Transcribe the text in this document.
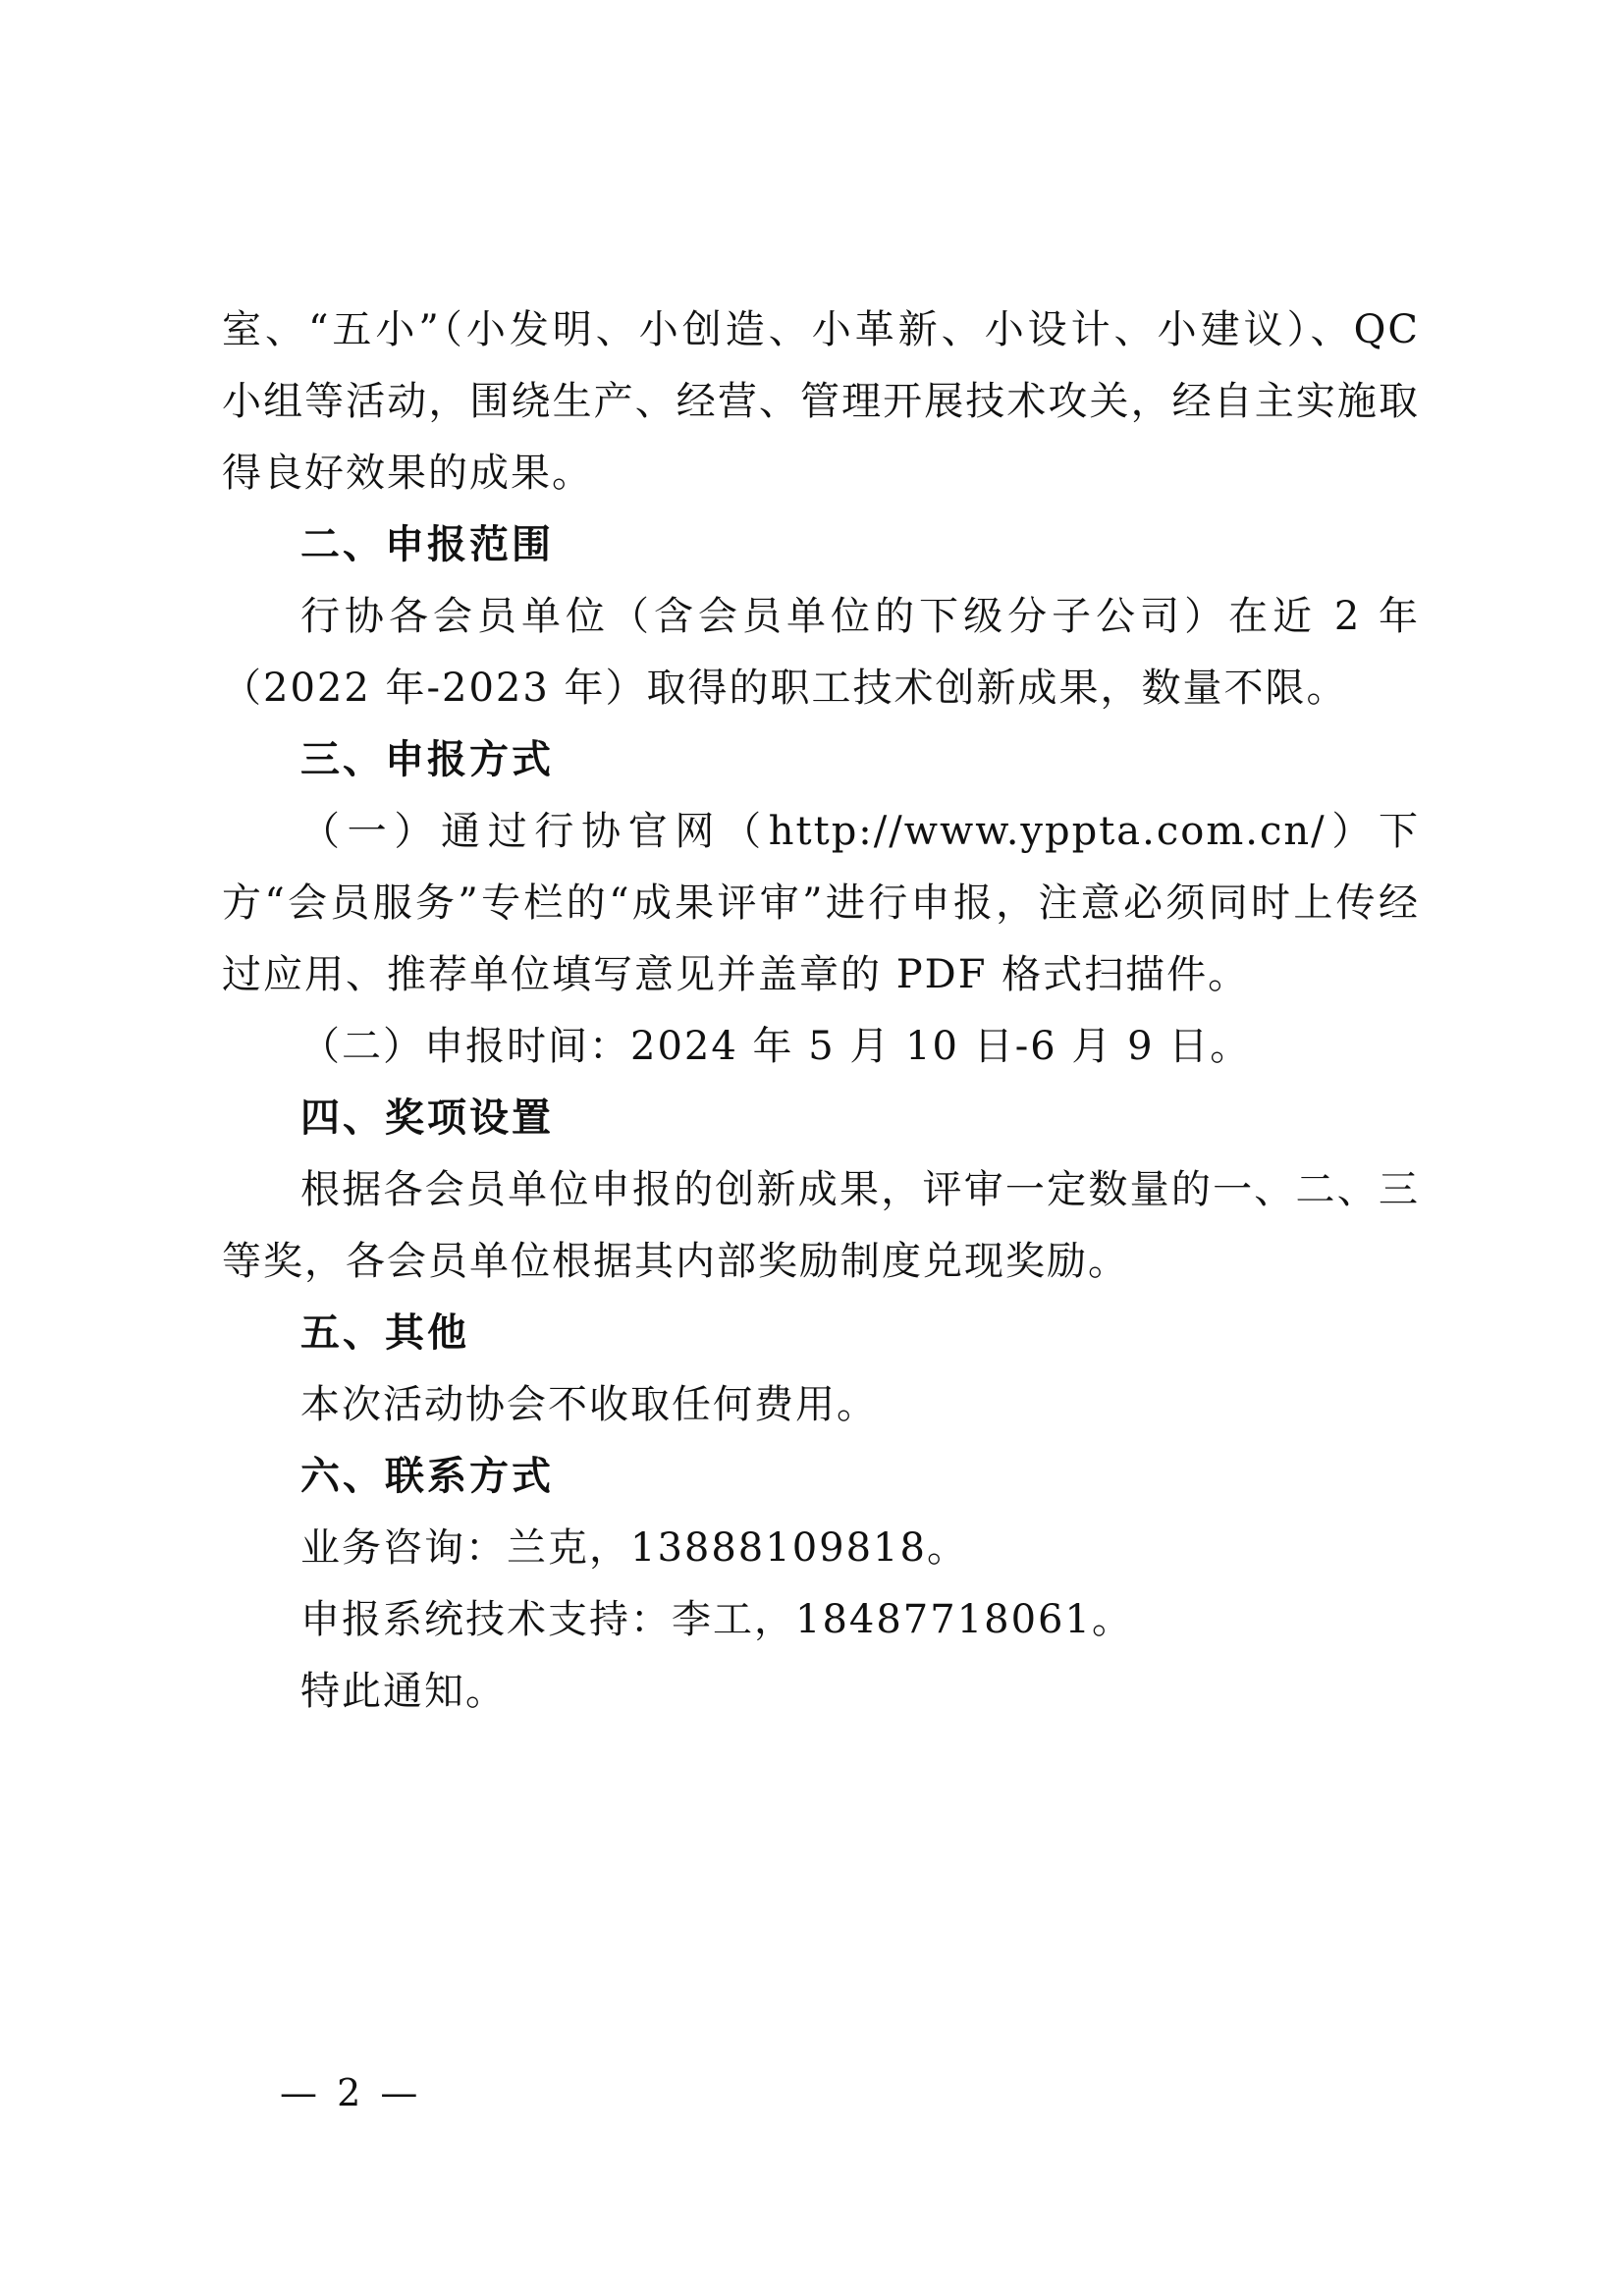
室、“五小”（小发明、小创造、小革新、小设计、小建议）、QC 小组等活动，围绕生产、经营、管理开展技术攻关，经自主实施取得良好效果的成果。

二、申报范围

行协各会员单位（含会员单位的下级分子公司）在近 2 年（2022 年-2023 年）取得的职工技术创新成果，数量不限。

三、申报方式

（一）通过行协官网（http://www.yppta.com.cn/）下方“会员服务”专栏的“成果评审”进行申报，注意必须同时上传经过应用、推荐单位填写意见并盖章的 PDF 格式扫描件。

（二）申报时间：2024 年 5 月 10 日-6 月 9 日。

四、奖项设置

根据各会员单位申报的创新成果，评审一定数量的一、二、三等奖，各会员单位根据其内部奖励制度兑现奖励。

五、其他

本次活动协会不收取任何费用。

六、联系方式

业务咨询：兰克，13888109818。

申报系统技术支持：李工，18487718061。

特此通知。

— 2 —
